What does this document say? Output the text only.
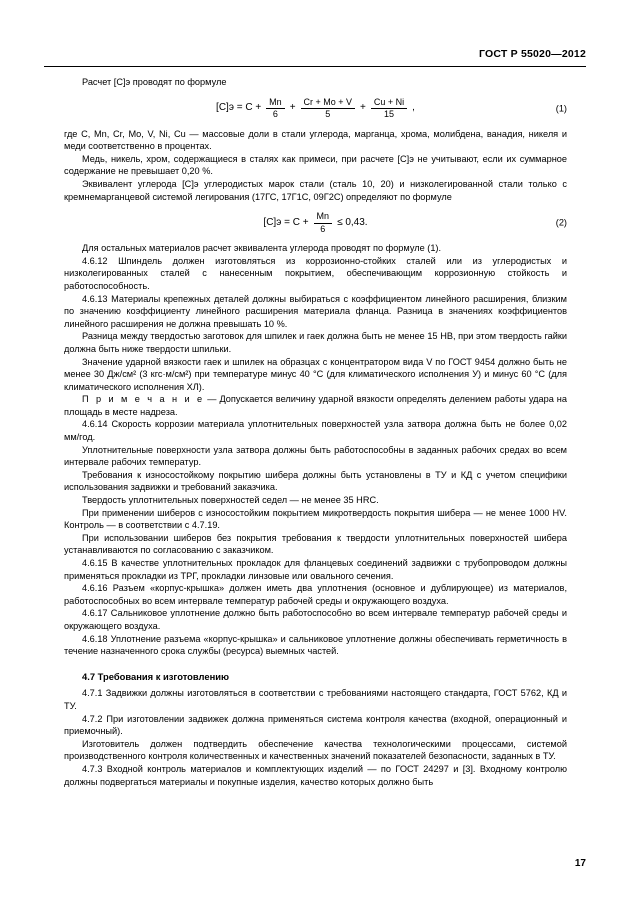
ГОСТ Р 55020—2012

Расчет [C]э проводят по формуле

$[C]э = C + \frac{Mn}{6} + \frac{Cr + Mo + V}{5} + \frac{Cu + Ni}{15}$ ,	(1)

где C, Mn, Cr, Mo, V, Ni, Cu — массовые доли в стали углерода, марганца, хрома, молибдена, ванадия, никеля и меди соответственно в процентах.

Медь, никель, хром, содержащиеся в сталях как примеси, при расчете [C]э не учитывают, если их суммарное содержание не превышает 0,20 %.

Эквивалент углерода [C]э углеродистых марок стали (сталь 10, 20) и низколегированной стали только с кремнемарганцевой системой легирования (17ГС, 17Г1С, 09Г2С) определяют по формуле

$[C]э = C + \frac{Mn}{6} \le 0,43$.	(2)

Для остальных материалов расчет эквивалента углерода проводят по формуле (1).

4.6.12 Шпиндель должен изготовляться из коррозионно-стойких сталей или из углеродистых и низколегированных сталей с нанесенным покрытием, обеспечивающим коррозионную стойкость и работоспособность.

4.6.13 Материалы крепежных деталей должны выбираться с коэффициентом линейного расширения, близким по значению коэффициенту линейного расширения материала фланца. Разница в значениях коэффициентов линейного расширения не должна превышать 10 %.

Разница между твердостью заготовок для шпилек и гаек должна быть не менее 15 НВ, при этом твердость гайки должна быть ниже твердости шпильки.

Значение ударной вязкости гаек и шпилек на образцах с концентратором вида V по ГОСТ 9454 должно быть не менее 30 Дж/см² (3 кгс·м/см²) при температуре минус 40 °C (для климатического исполнения У) и минус 60 °C (для климатического исполнения ХЛ).

П р и м е ч а н и е — Допускается величину ударной вязкости определять делением работы удара на площадь в месте надреза.

4.6.14 Скорость коррозии материала уплотнительных поверхностей узла затвора должна быть не более 0,02 мм/год.

Уплотнительные поверхности узла затвора должны быть работоспособны в заданных рабочих средах во всем интервале рабочих температур.

Требования к износостойкому покрытию шибера должны быть установлены в ТУ и КД с учетом специфики использования задвижки и требований заказчика.

Твердость уплотнительных поверхностей седел — не менее 35 HRC.

При применении шиберов с износостойким покрытием микротвердость покрытия шибера — не менее 1000 HV. Контроль — в соответствии с 4.7.19.

При использовании шиберов без покрытия требования к твердости уплотнительных поверхностей шибера устанавливаются по согласованию с заказчиком.

4.6.15 В качестве уплотнительных прокладок для фланцевых соединений задвижки с трубопроводом должны применяться прокладки из ТРГ, прокладки линзовые или овального сечения.

4.6.16 Разъем «корпус-крышка» должен иметь два уплотнения (основное и дублирующее) из материалов, работоспособных во всем интервале температур рабочей среды и окружающего воздуха.

4.6.17 Сальниковое уплотнение должно быть работоспособно во всем интервале температур рабочей среды и окружающего воздуха.

4.6.18 Уплотнение разъема «корпус-крышка» и сальниковое уплотнение должны обеспечивать герметичность в течение назначенного срока службы (ресурса) выемных частей.

4.7 Требования к изготовлению

4.7.1 Задвижки должны изготовляться в соответствии с требованиями настоящего стандарта, ГОСТ 5762, КД и ТУ.

4.7.2 При изготовлении задвижек должна применяться система контроля качества (входной, операционный и приемочный).

Изготовитель должен подтвердить обеспечение качества технологическими процессами, системой производственного контроля количественных и качественных значений показателей безопасности, заданных в ТУ.

4.7.3 Входной контроль материалов и комплектующих изделий — по ГОСТ 24297 и [3]. Входному контролю должны подвергаться материалы и покупные изделия, качество которых должно быть

17
